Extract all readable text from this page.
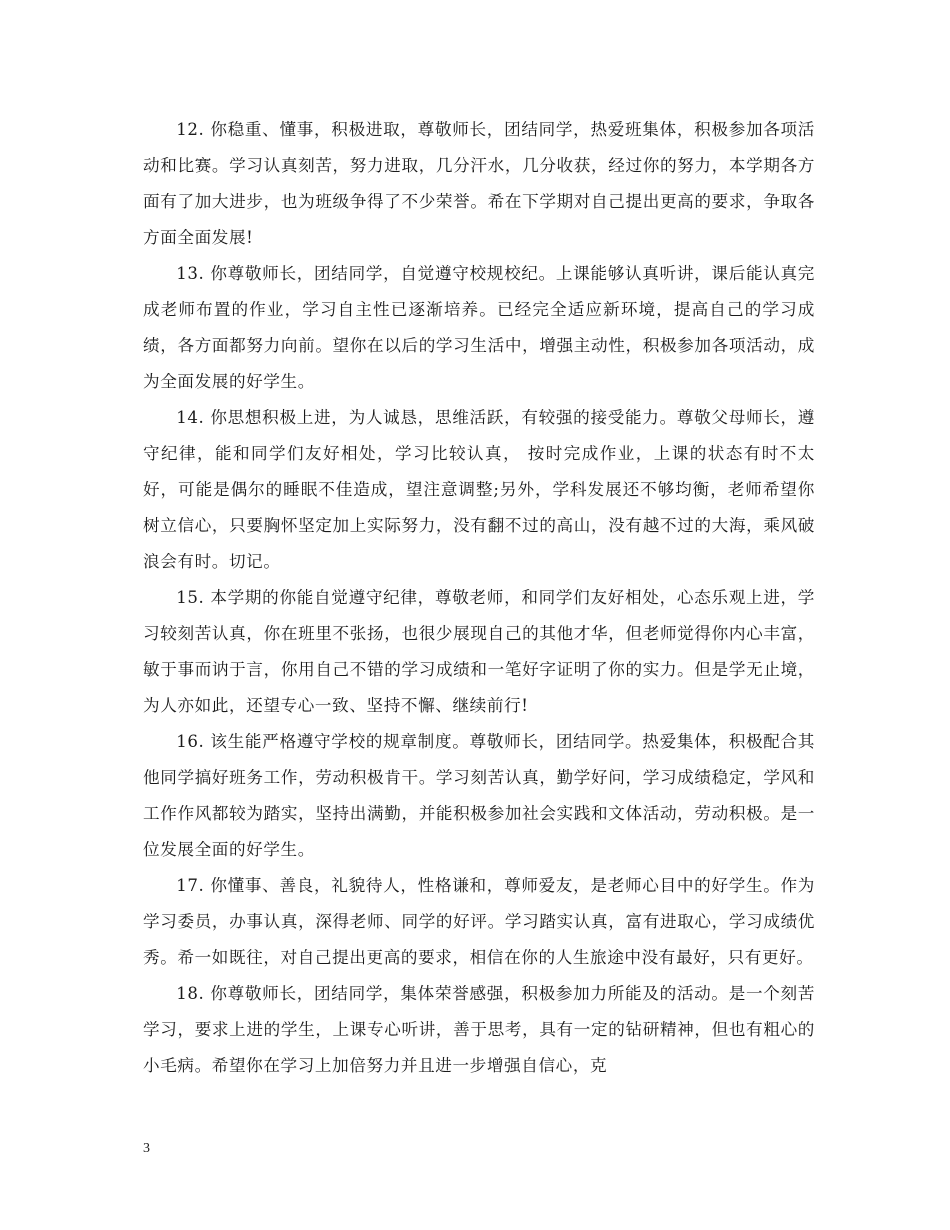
12. 你稳重、懂事，积极进取，尊敬师长，团结同学，热爱班集体，积极参加各项活动和比赛。学习认真刻苦，努力进取，几分汗水，几分收获，经过你的努力，本学期各方面有了加大进步，也为班级争得了不少荣誉。希在下学期对自己提出更高的要求，争取各方面全面发展!

13. 你尊敬师长，团结同学，自觉遵守校规校纪。上课能够认真听讲，课后能认真完成老师布置的作业，学习自主性已逐渐培养。已经完全适应新环境，提高自己的学习成绩，各方面都努力向前。望你在以后的学习生活中，增强主动性，积极参加各项活动，成为全面发展的好学生。

14. 你思想积极上进，为人诚恳，思维活跃，有较强的接受能力。尊敬父母师长，遵守纪律，能和同学们友好相处，学习比较认真， 按时完成作业，上课的状态有时不太好，可能是偶尔的睡眠不佳造成，望注意调整;另外，学科发展还不够均衡，老师希望你树立信心，只要胸怀坚定加上实际努力，没有翻不过的高山，没有越不过的大海，乘风破浪会有时。切记。

15. 本学期的你能自觉遵守纪律，尊敬老师，和同学们友好相处，心态乐观上进，学习较刻苦认真，你在班里不张扬，也很少展现自己的其他才华，但老师觉得你内心丰富，敏于事而讷于言，你用自己不错的学习成绩和一笔好字证明了你的实力。但是学无止境，为人亦如此，还望专心一致、坚持不懈、继续前行!

16. 该生能严格遵守学校的规章制度。尊敬师长，团结同学。热爱集体，积极配合其他同学搞好班务工作，劳动积极肯干。学习刻苦认真，勤学好问，学习成绩稳定，学风和工作作风都较为踏实，坚持出满勤，并能积极参加社会实践和文体活动，劳动积极。是一位发展全面的好学生。

17. 你懂事、善良，礼貌待人，性格谦和，尊师爱友，是老师心目中的好学生。作为学习委员，办事认真，深得老师、同学的好评。学习踏实认真，富有进取心，学习成绩优秀。希一如既往，对自己提出更高的要求，相信在你的人生旅途中没有最好，只有更好。

18. 你尊敬师长，团结同学，集体荣誉感强，积极参加力所能及的活动。是一个刻苦学习，要求上进的学生，上课专心听讲，善于思考，具有一定的钻研精神，但也有粗心的小毛病。希望你在学习上加倍努力并且进一步增强自信心，克

3
